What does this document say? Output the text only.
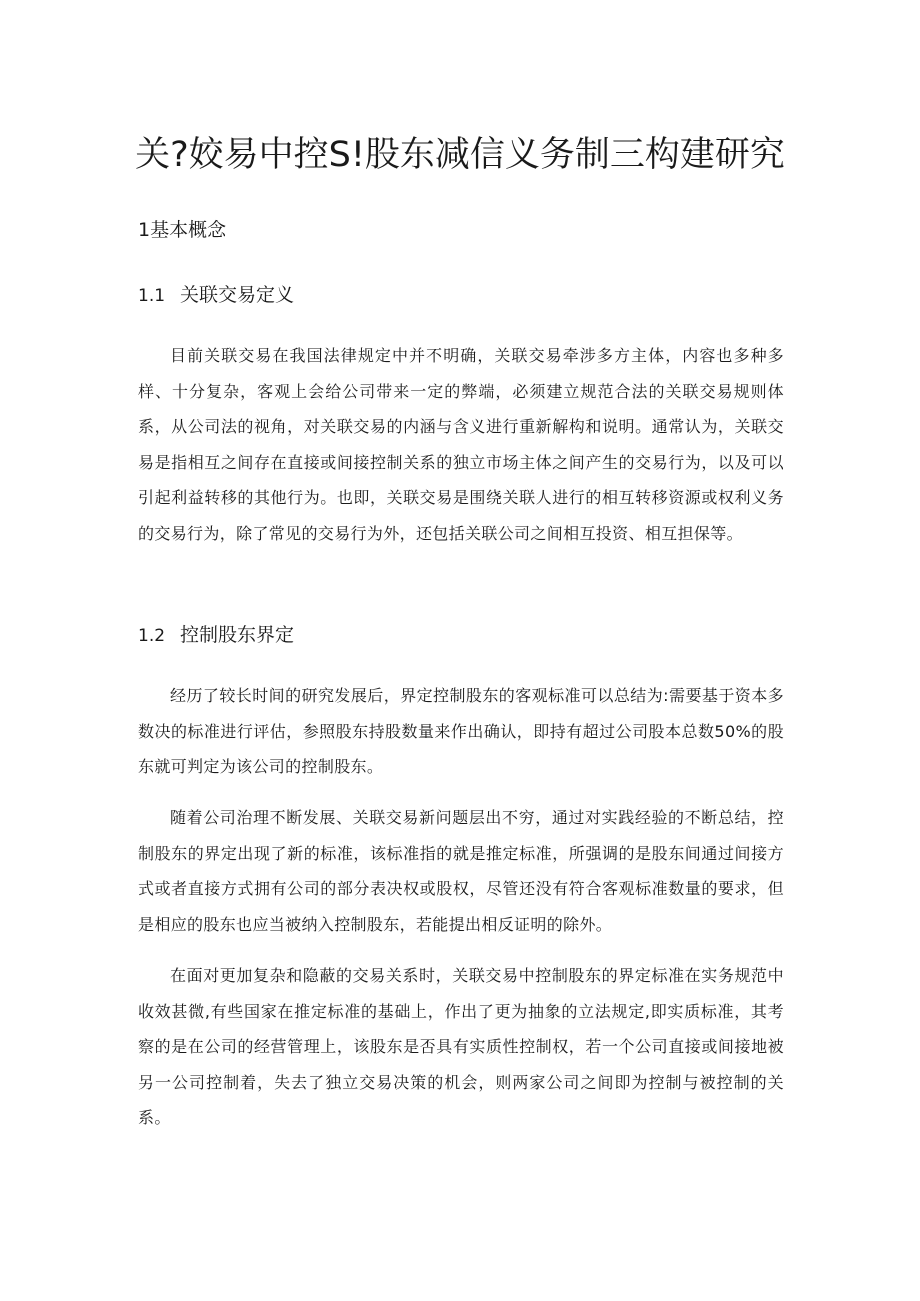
关?姣易中控S!股东减信义务制三构建研究
1基本概念
1.1 关联交易定义

目前关联交易在我国法律规定中并不明确，关联交易牵涉多方主体，内容也多种多样、十分复杂，客观上会给公司带来一定的弊端，必须建立规范合法的关联交易规则体系，从公司法的视角，对关联交易的内涵与含义进行重新解构和说明。通常认为，关联交易是指相互之间存在直接或间接控制关系的独立市场主体之间产生的交易行为，以及可以引起利益转移的其他行为。也即，关联交易是围绕关联人进行的相互转移资源或权利义务的交易行为，除了常见的交易行为外，还包括关联公司之间相互投资、相互担保等。

1.2 控制股东界定

经历了较长时间的研究发展后，界定控制股东的客观标准可以总结为:需要基于资本多数决的标准进行评估，参照股东持股数量来作出确认，即持有超过公司股本总数50%的股东就可判定为该公司的控制股东。

随着公司治理不断发展、关联交易新问题层出不穷，通过对实践经验的不断总结，控制股东的界定出现了新的标准，该标准指的就是推定标准，所强调的是股东间通过间接方式或者直接方式拥有公司的部分表决权或股权，尽管还没有符合客观标准数量的要求，但是相应的股东也应当被纳入控制股东，若能提出相反证明的除外。

在面对更加复杂和隐蔽的交易关系时，关联交易中控制股东的界定标准在实务规范中收效甚微,有些国家在推定标准的基础上，作出了更为抽象的立法规定,即实质标准，其考察的是在公司的经营管理上，该股东是否具有实质性控制权，若一个公司直接或间接地被另一公司控制着，失去了独立交易决策的机会，则两家公司之间即为控制与被控制的关系。
